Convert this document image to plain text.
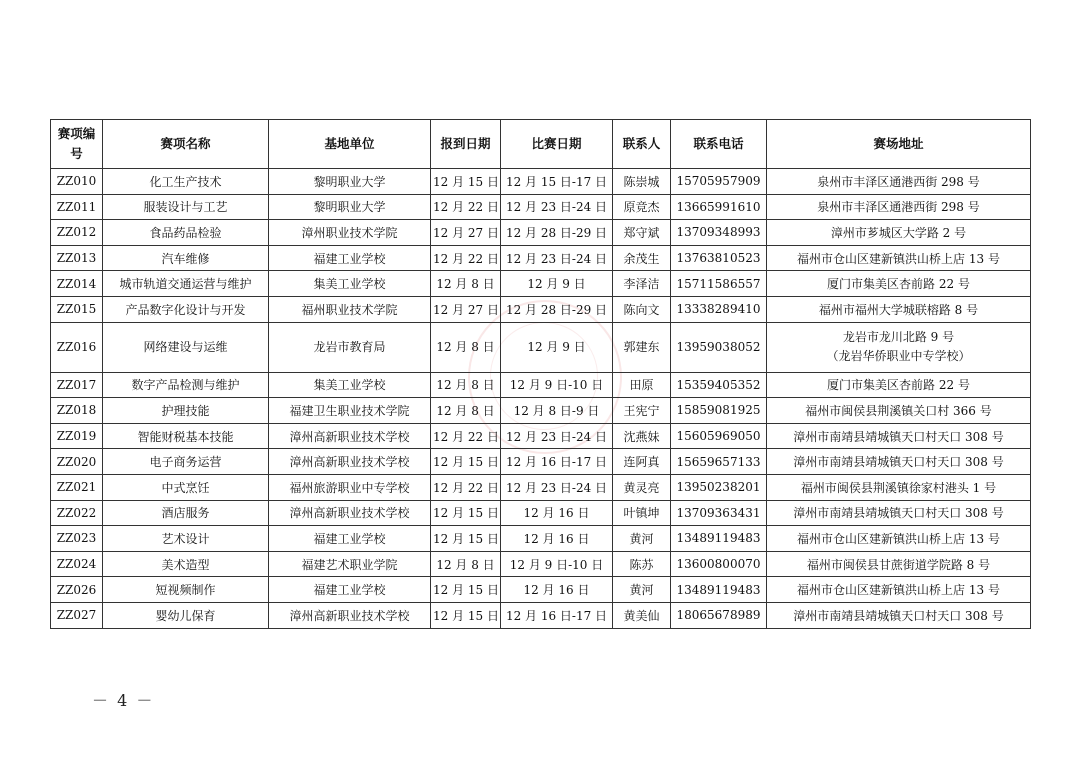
赛项编号	赛项名称	基地单位	报到日期	比赛日期	联系人	联系电话	赛场地址
ZZ010	化工生产技术	黎明职业大学	12 月 15 日	12 月 15 日-17 日	陈崇城	15705957909	泉州市丰泽区通港西街 298 号

ZZ011	服装设计与工艺	黎明职业大学	12 月 22 日	12 月 23 日-24 日	原竞杰	13665991610	泉州市丰泽区通港西街 298 号

ZZ012	食品药品检验	漳州职业技术学院	12 月 27 日	12 月 28 日-29 日	郑守斌	13709348993	漳州市芗城区大学路 2 号

ZZ013	汽车维修	福建工业学校	12 月 22 日	12 月 23 日-24 日	余茂生	13763810523	福州市仓山区建新镇洪山桥上店 13 号

ZZ014	城市轨道交通运营与维护	集美工业学校	12 月 8 日	12 月 9 日	李泽洁	15711586557	厦门市集美区杏前路 22 号

ZZ015	产品数字化设计与开发	福州职业技术学院	12 月 27 日	12 月 28 日-29 日	陈向文	13338289410	福州市福州大学城联榕路 8 号

ZZ016	网络建设与运维	龙岩市教育局	12 月 8 日	12 月 9 日	郭建东	13959038052	龙岩市龙川北路 9 号
（龙岩华侨职业中专学校）

ZZ017	数字产品检测与维护	集美工业学校	12 月 8 日	12 月 9 日-10 日	田原	15359405352	厦门市集美区杏前路 22 号

ZZ018	护理技能	福建卫生职业技术学院	12 月 8 日	12 月 8 日-9 日	王宪宁	15859081925	福州市闽侯县荆溪镇关口村 366 号

ZZ019	智能财税基本技能	漳州高新职业技术学校	12 月 22 日	12 月 23 日-24 日	沈燕妹	15605969050	漳州市南靖县靖城镇天口村天口 308 号

ZZ020	电子商务运营	漳州高新职业技术学校	12 月 15 日	12 月 16 日-17 日	连阿真	15659657133	漳州市南靖县靖城镇天口村天口 308 号

ZZ021	中式烹饪	福州旅游职业中专学校	12 月 22 日	12 月 23 日-24 日	黄灵亮	13950238201	福州市闽侯县荆溪镇徐家村港头 1 号

ZZ022	酒店服务	漳州高新职业技术学校	12 月 15 日	12 月 16 日	叶镇坤	13709363431	漳州市南靖县靖城镇天口村天口 308 号

ZZ023	艺术设计	福建工业学校	12 月 15 日	12 月 16 日	黄河	13489119483	福州市仓山区建新镇洪山桥上店 13 号

ZZ024	美术造型	福建艺术职业学院	12 月 8 日	12 月 9 日-10 日	陈苏	13600800070	福州市闽侯县甘蔗街道学院路 8 号

ZZ026	短视频制作	福建工业学校	12 月 15 日	12 月 16 日	黄河	13489119483	福州市仓山区建新镇洪山桥上店 13 号

ZZ027	婴幼儿保育	漳州高新职业技术学校	12 月 15 日	12 月 16 日-17 日	黄美仙	18065678989	漳州市南靖县靖城镇天口村天口 308 号
－ 4 －
